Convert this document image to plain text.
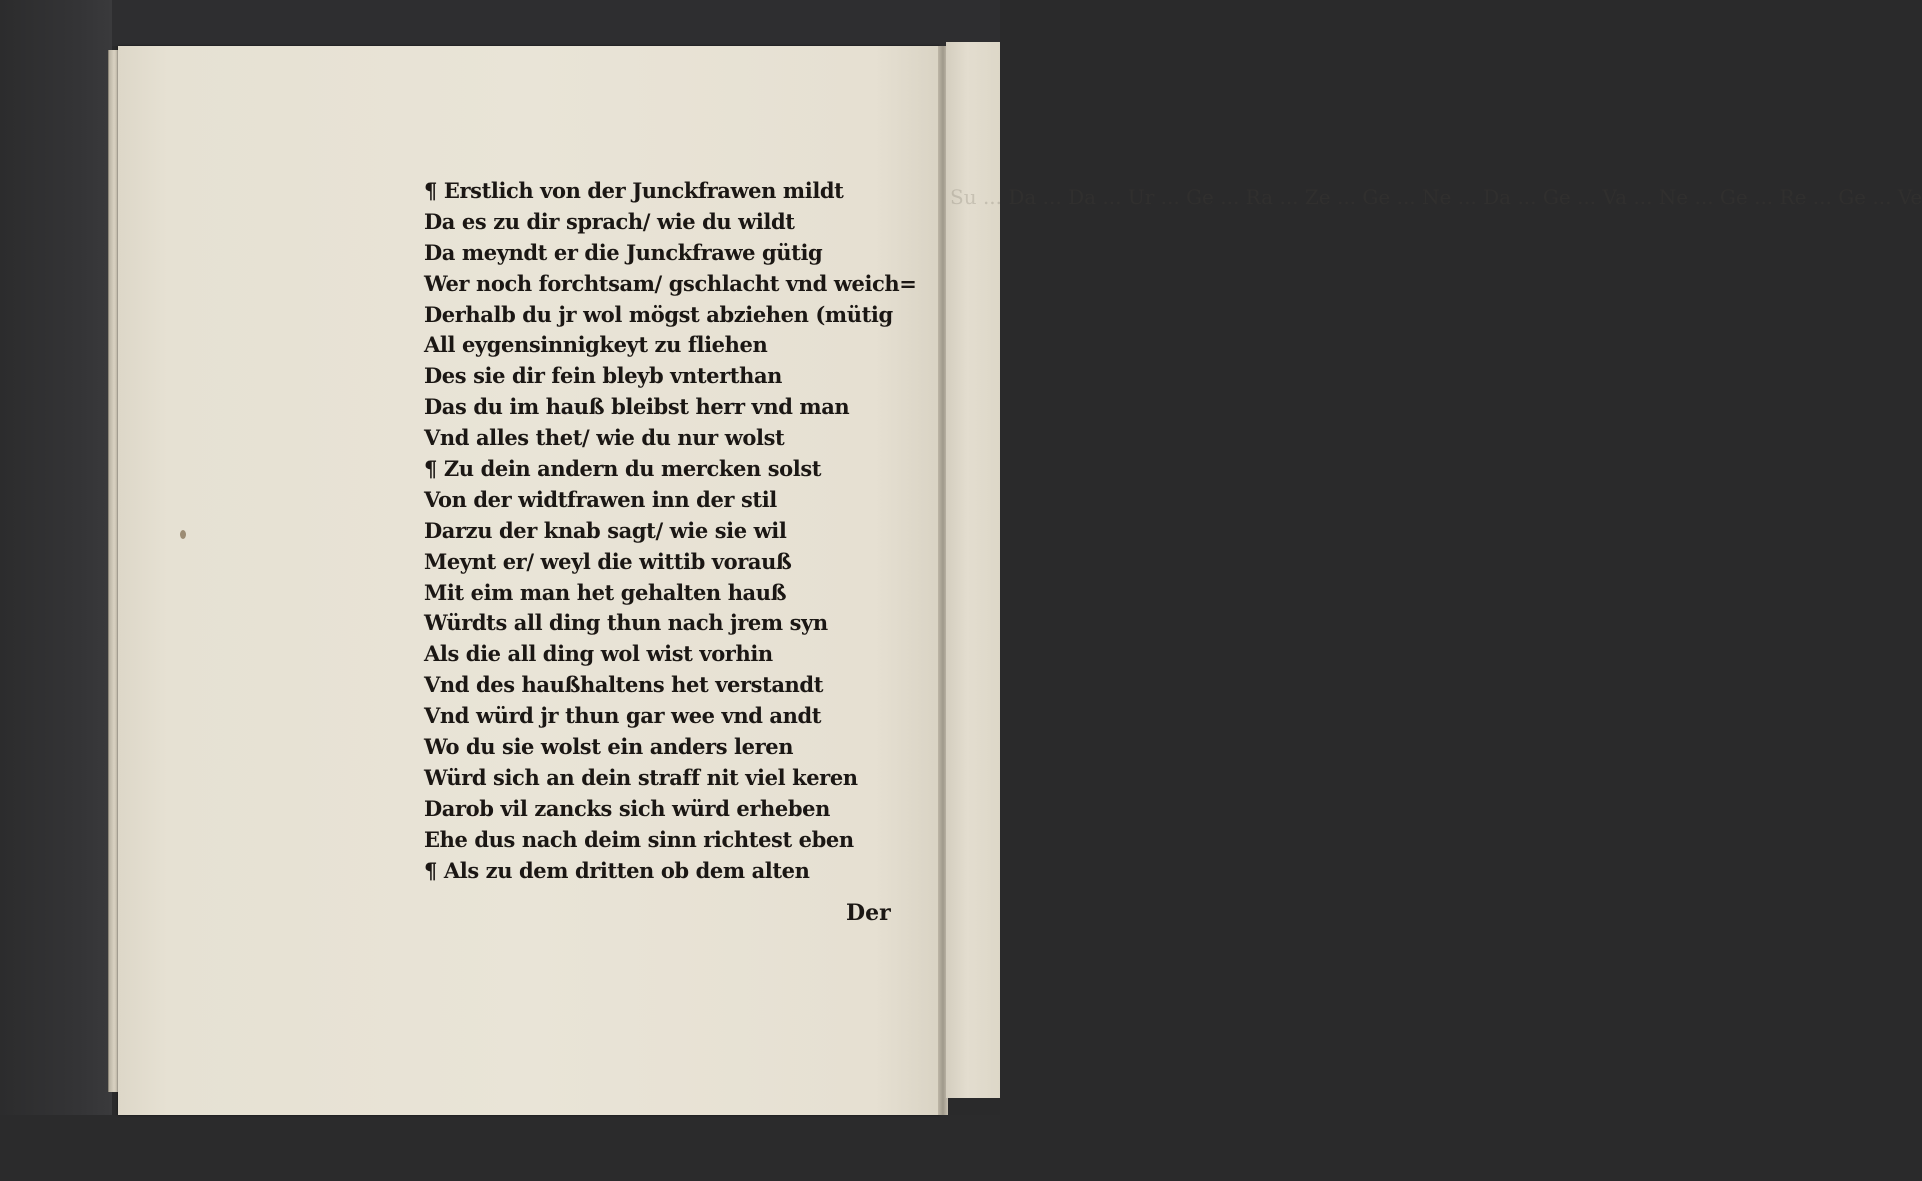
Su ... Da ... Da ... Ur ... Ge ... Ra ... Ze ... Ge ... Ne ... Da ... Ge ... Va ... Ne ... Ge ... Re ... Ge ... Ve
¶ Erstlich von der Junckfrawen mildt
Da es zu dir sprach/ wie du wildt
Da meyndt er die Junckfrawe gütig
Wer noch forchtsam/ gschlacht vnd weich=
Derhalb du jr wol mögst abziehen (mütig
All eygensinnigkeyt zu fliehen
Des sie dir fein bleyb vnterthan
Das du im hauß bleibst herr vnd man
Vnd alles thet/ wie du nur wolst
¶ Zu dein andern du mercken solst
Von der widtfrawen inn der stil
Darzu der knab sagt/ wie sie wil
Meynt er/ weyl die wittib vorauß
Mit eim man het gehalten hauß
Würdts all ding thun nach jrem syn
Als die all ding wol wist vorhin
Vnd des haußhaltens het verstandt
Vnd würd jr thun gar wee vnd andt
Wo du sie wolst ein anders leren
Würd sich an dein straff nit viel keren
Darob vil zancks sich würd erheben
Ehe dus nach deim sinn richtest eben
¶ Als zu dem dritten ob dem alten
Der
